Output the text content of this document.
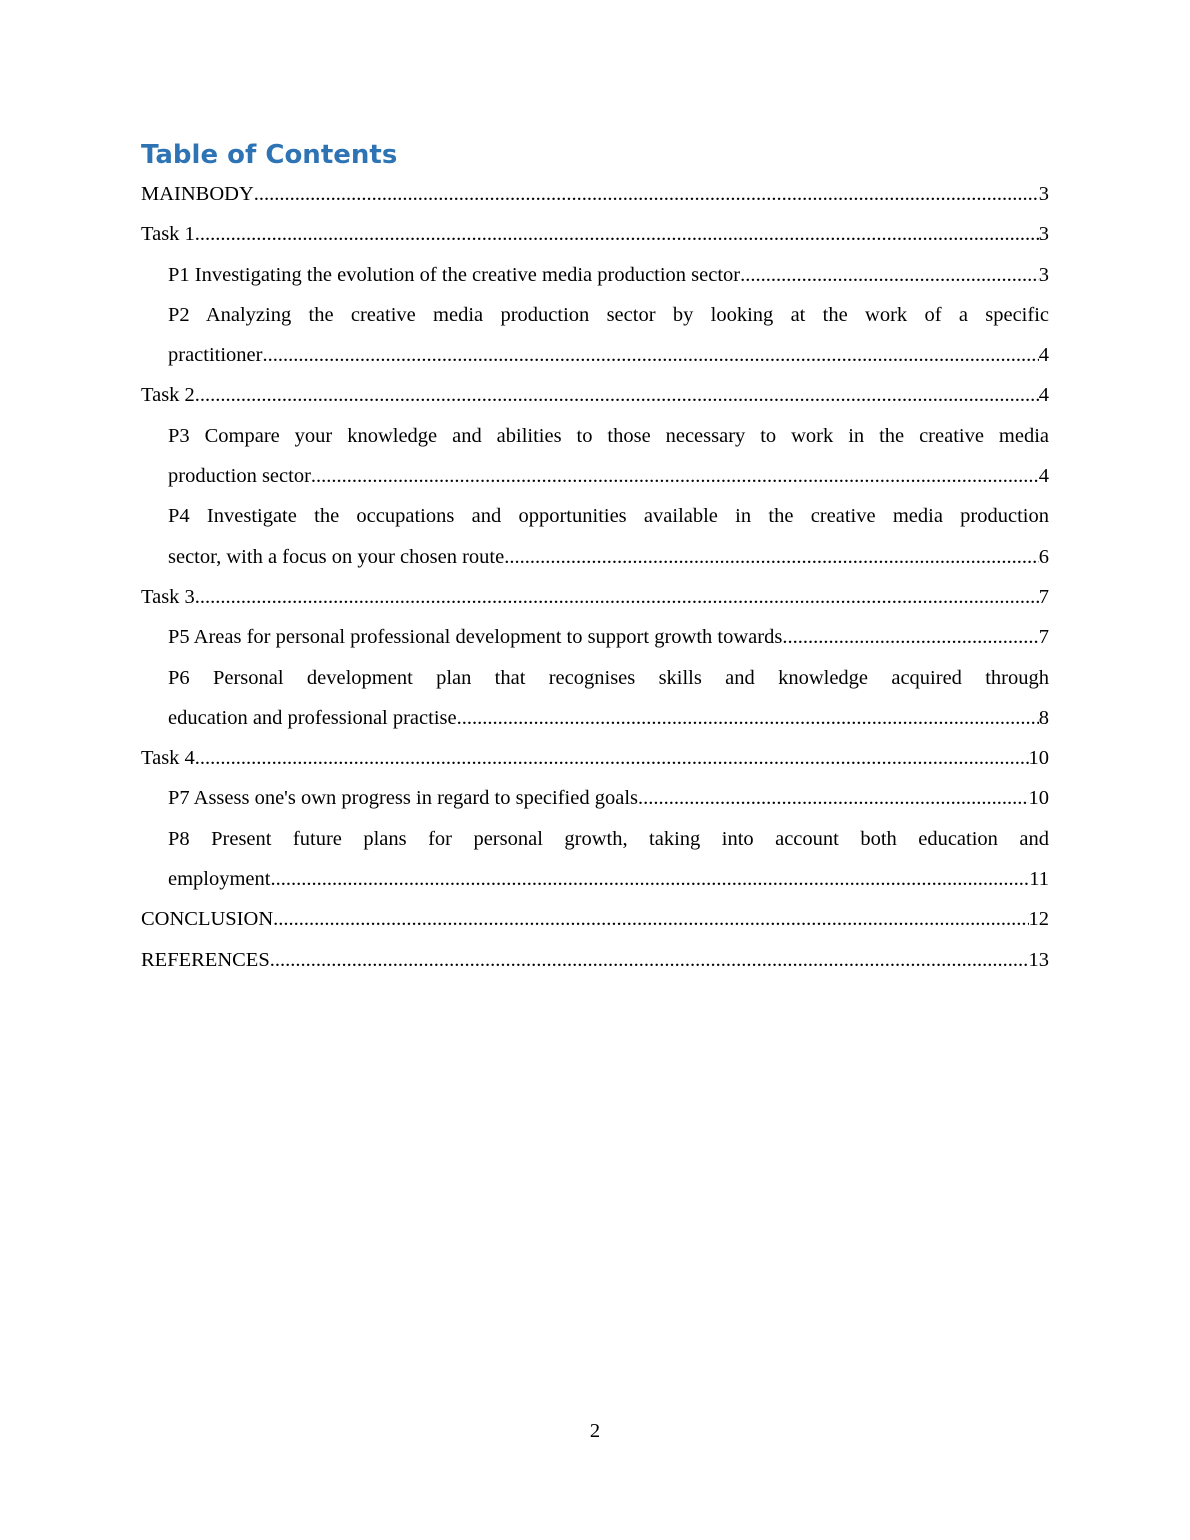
Table of Contents
MAINBODY .....	3
Task 1 .....	3
P1 Investigating the evolution of the creative media production sector .....	3
P2 Analyzing the creative media production sector by looking at the work of a specific
practitioner .....	4
Task 2 .....	4
P3 Compare your knowledge and abilities to those necessary to work in the creative media
production sector .....	4
P4 Investigate the occupations and opportunities available in the creative media production
sector, with a focus on your chosen route .....	6
Task 3 .....	7
P5 Areas for personal professional development to support growth towards .....	7
P6 Personal development plan that recognises skills and knowledge acquired through
education and professional practise .....	8
Task 4 .....	10
P7 Assess one's own progress in regard to specified goals .....	10
P8 Present future plans for personal growth, taking into account both education and
employment .....	11
CONCLUSION .....	12
REFERENCES .....	13
2
